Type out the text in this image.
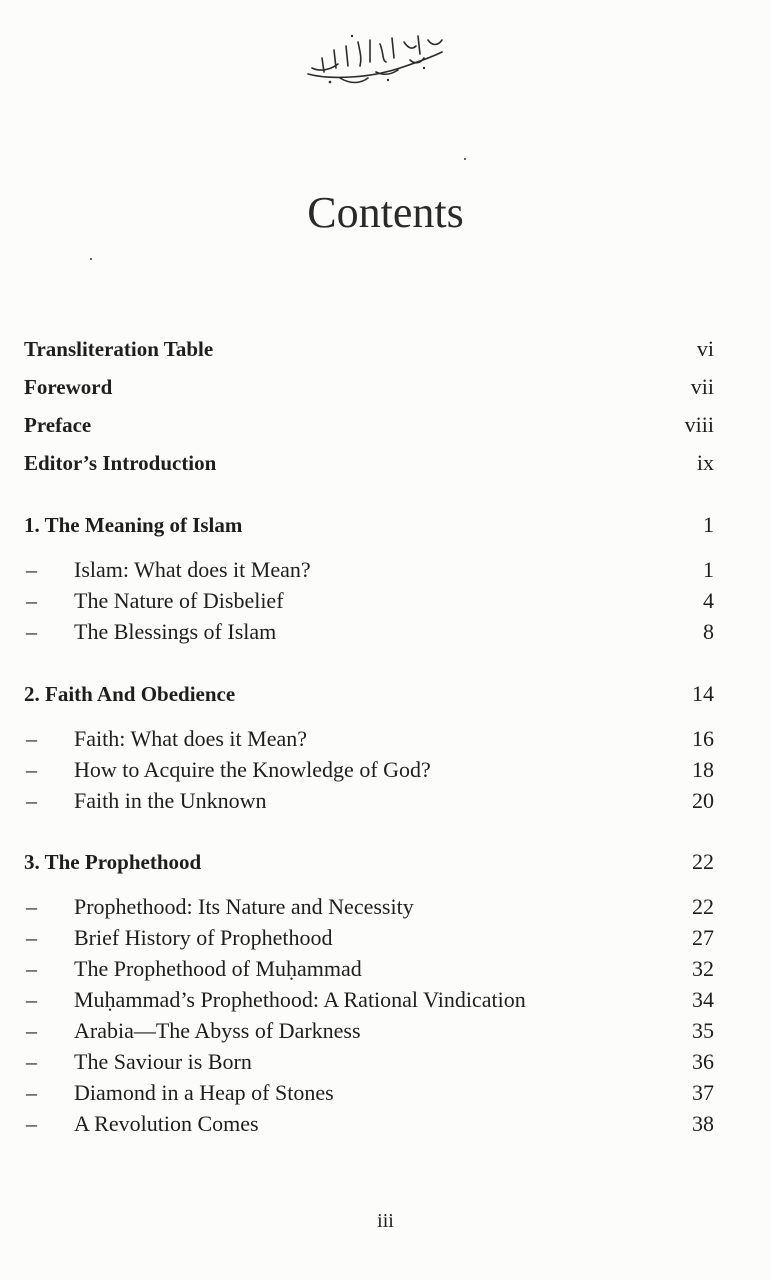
Contents
Transliteration Table	vi
Foreword	vii
Preface	viii
Editor’s Introduction	ix
1. The Meaning of Islam	1
– Islam: What does it Mean?	1
– The Nature of Disbelief	4
– The Blessings of Islam	8
2. Faith And Obedience	14
– Faith: What does it Mean?	16
– How to Acquire the Knowledge of God?	18
– Faith in the Unknown	20
3. The Prophethood	22
– Prophethood: Its Nature and Necessity	22
– Brief History of Prophethood	27
– The Prophethood of Muḥammad	32
– Muḥammad’s Prophethood: A Rational Vindication	34
– Arabia—The Abyss of Darkness	35
– The Saviour is Born	36
– Diamond in a Heap of Stones	37
– A Revolution Comes	38
iii
